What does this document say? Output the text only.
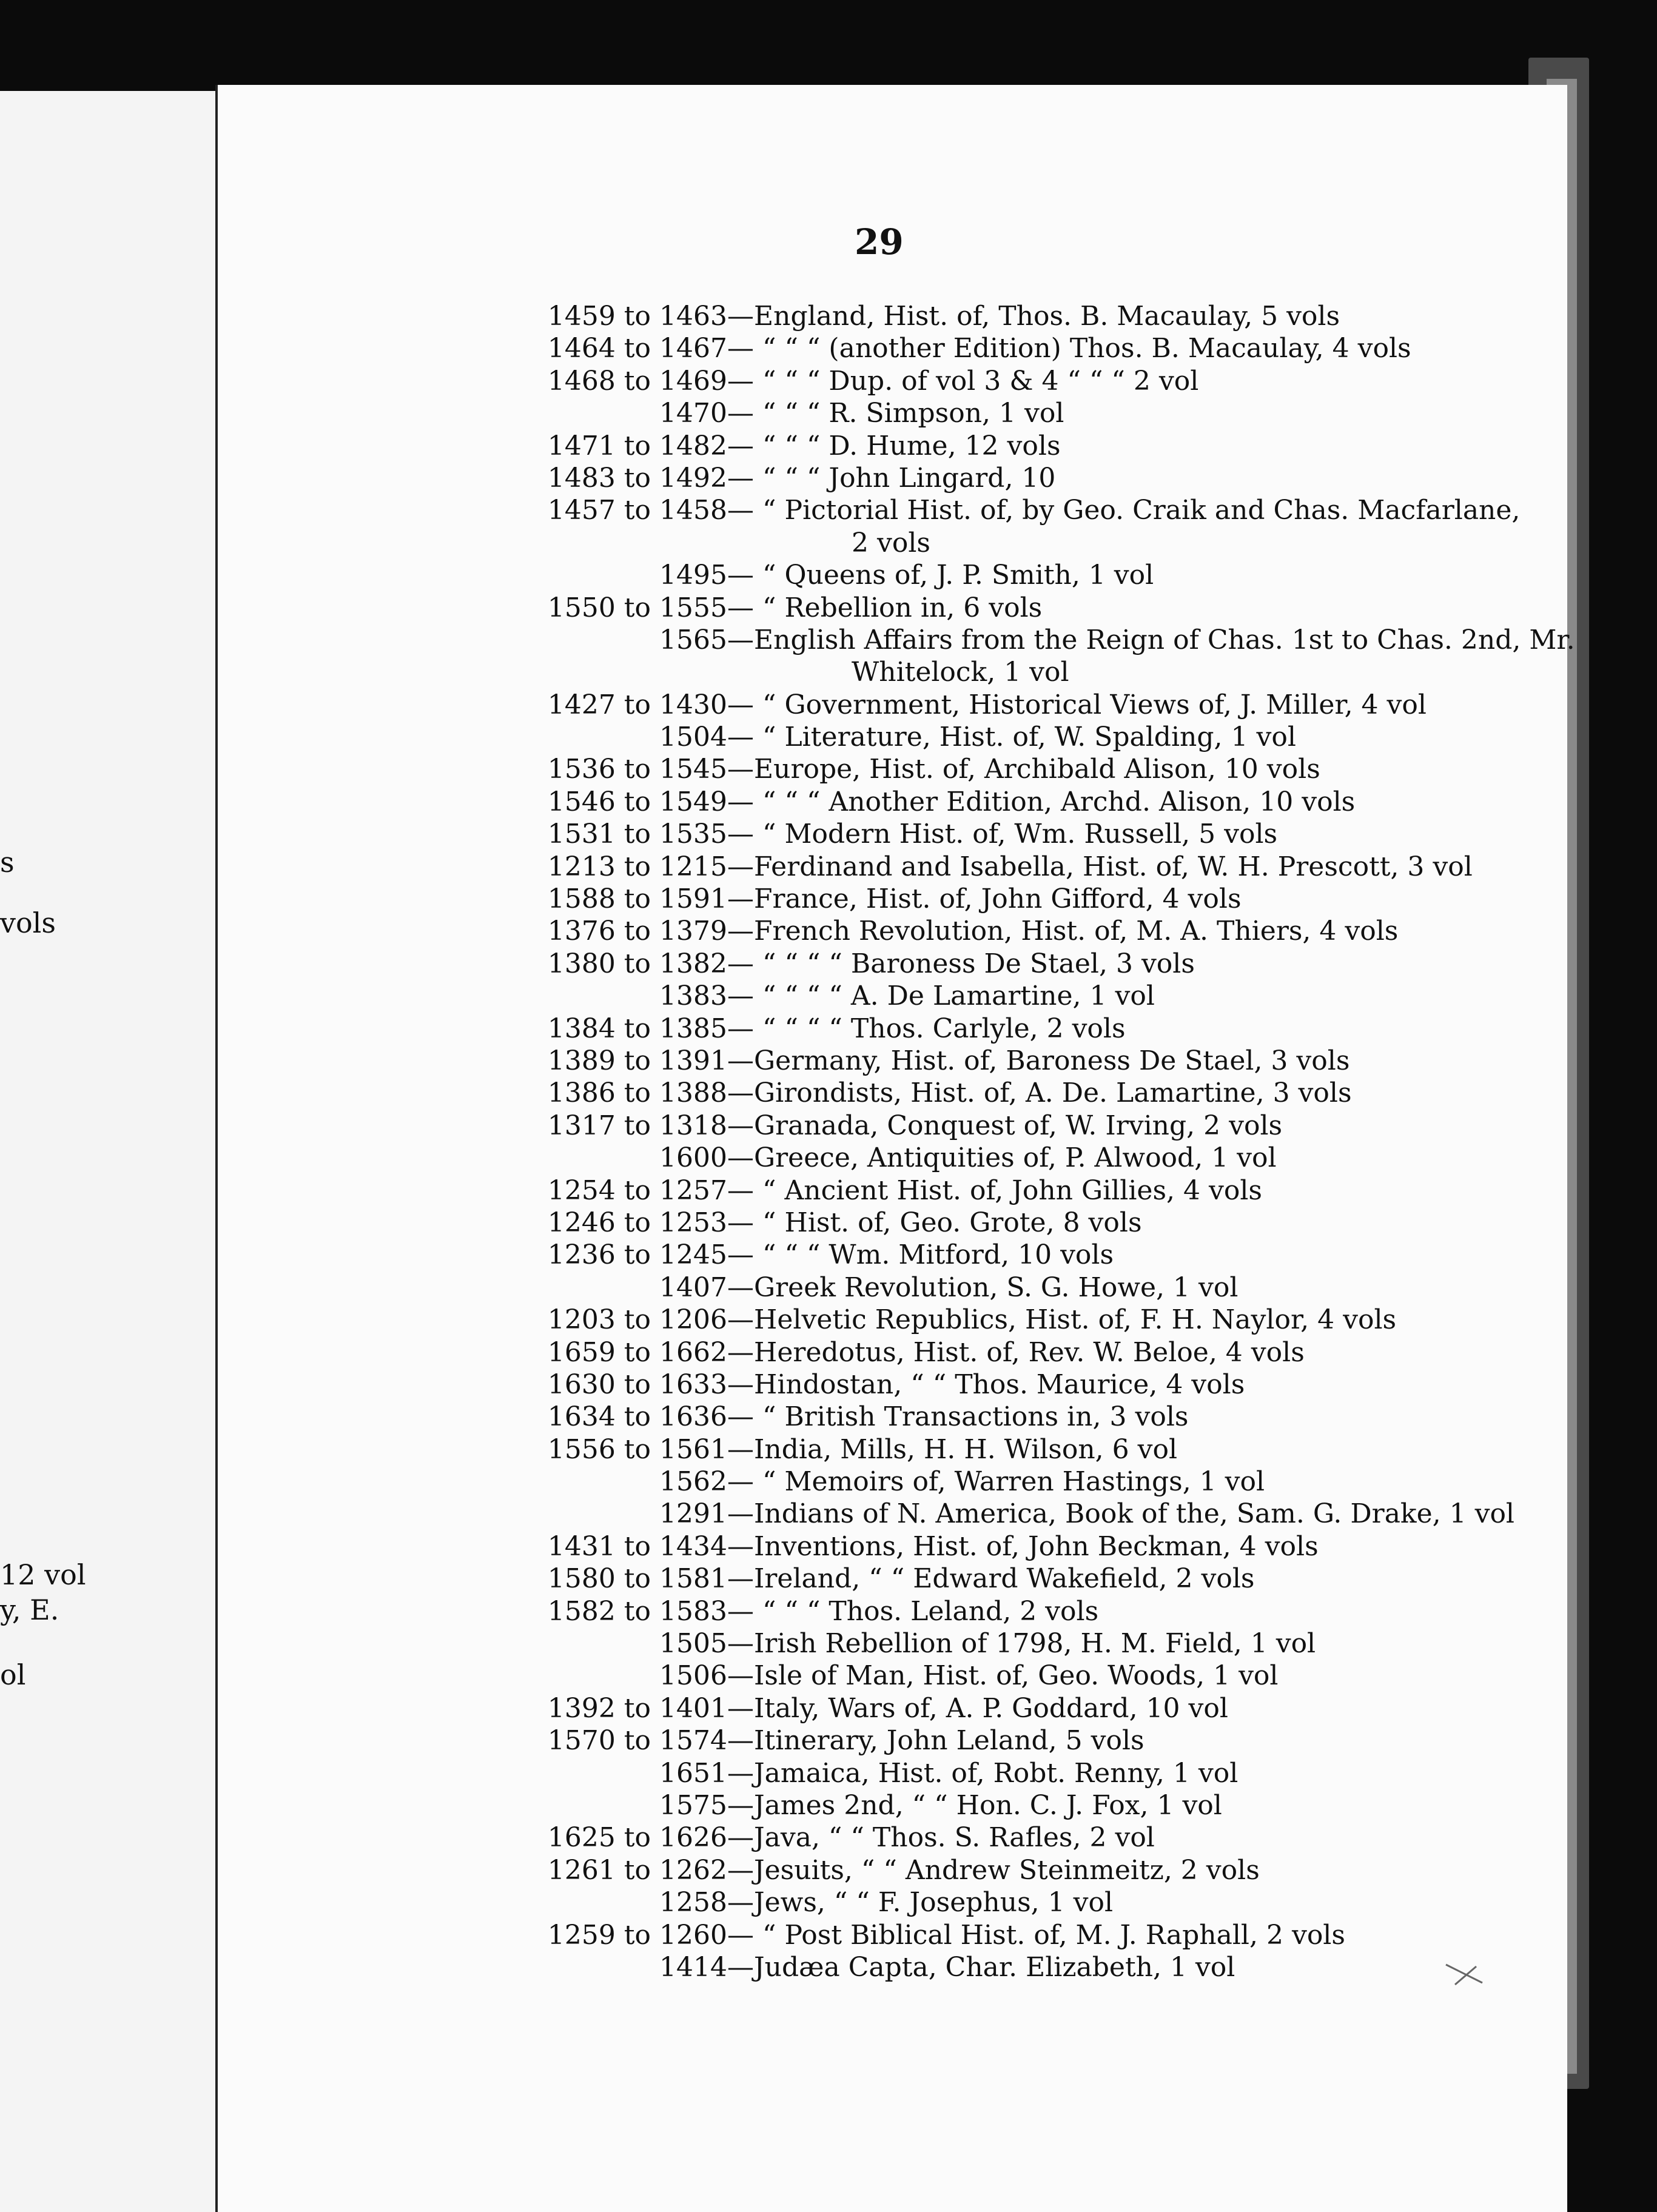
s
vols
12 vol
y, E.
ol
29
1459 to 1463 —England, Hist. of, Thos. B. Macaulay, 5 vols
1464 to 1467 — “ “ “ (another Edition) Thos. B. Macaulay, 4 vols
1468 to 1469 — “ “ “ Dup. of vol 3 & 4 “ “ “ 2 vol
1470 — “ “ “ R. Simpson, 1 vol
1471 to 1482 — “ “ “ D. Hume, 12 vols
1483 to 1492 — “ “ “ John Lingard, 10
1457 to 1458 — “ Pictorial Hist. of, by Geo. Craik and Chas. Macfarlane,
2 vols
1495 — “ Queens of, J. P. Smith, 1 vol
1550 to 1555 — “ Rebellion in, 6 vols
1565 —English Affairs from the Reign of Chas. 1st to Chas. 2nd, Mr.
Whitelock, 1 vol
1427 to 1430 — “ Government, Historical Views of, J. Miller, 4 vol
1504 — “ Literature, Hist. of, W. Spalding, 1 vol
1536 to 1545 —Europe, Hist. of, Archibald Alison, 10 vols
1546 to 1549 — “ “ “ Another Edition, Archd. Alison, 10 vols
1531 to 1535 — “ Modern Hist. of, Wm. Russell, 5 vols
1213 to 1215 —Ferdinand and Isabella, Hist. of, W. H. Prescott, 3 vol
1588 to 1591 —France, Hist. of, John Gifford, 4 vols
1376 to 1379 —French Revolution, Hist. of, M. A. Thiers, 4 vols
1380 to 1382 — “ “ “ “ Baroness De Stael, 3 vols
1383 — “ “ “ “ A. De Lamartine, 1 vol
1384 to 1385 — “ “ “ “ Thos. Carlyle, 2 vols
1389 to 1391 —Germany, Hist. of, Baroness De Stael, 3 vols
1386 to 1388 —Girondists, Hist. of, A. De. Lamartine, 3 vols
1317 to 1318 —Granada, Conquest of, W. Irving, 2 vols
1600 —Greece, Antiquities of, P. Alwood, 1 vol
1254 to 1257 — “ Ancient Hist. of, John Gillies, 4 vols
1246 to 1253 — “ Hist. of, Geo. Grote, 8 vols
1236 to 1245 — “ “ “ Wm. Mitford, 10 vols
1407 —Greek Revolution, S. G. Howe, 1 vol
1203 to 1206 —Helvetic Republics, Hist. of, F. H. Naylor, 4 vols
1659 to 1662 —Heredotus, Hist. of, Rev. W. Beloe, 4 vols
1630 to 1633 —Hindostan, “ “ Thos. Maurice, 4 vols
1634 to 1636 — “ British Transactions in, 3 vols
1556 to 1561 —India, Mills, H. H. Wilson, 6 vol
1562 — “ Memoirs of, Warren Hastings, 1 vol
1291 —Indians of N. America, Book of the, Sam. G. Drake, 1 vol
1431 to 1434 —Inventions, Hist. of, John Beckman, 4 vols
1580 to 1581 —Ireland, “ “ Edward Wakefield, 2 vols
1582 to 1583 — “ “ “ Thos. Leland, 2 vols
1505 —Irish Rebellion of 1798, H. M. Field, 1 vol
1506 —Isle of Man, Hist. of, Geo. Woods, 1 vol
1392 to 1401 —Italy, Wars of, A. P. Goddard, 10 vol
1570 to 1574 —Itinerary, John Leland, 5 vols
1651 —Jamaica, Hist. of, Robt. Renny, 1 vol
1575 —James 2nd, “ “ Hon. C. J. Fox, 1 vol
1625 to 1626 —Java, “ “ Thos. S. Rafles, 2 vol
1261 to 1262 —Jesuits, “ “ Andrew Steinmeitz, 2 vols
1258 —Jews, “ “ F. Josephus, 1 vol
1259 to 1260 — “ Post Biblical Hist. of, M. J. Raphall, 2 vols
1414 —Judæa Capta, Char. Elizabeth, 1 vol
